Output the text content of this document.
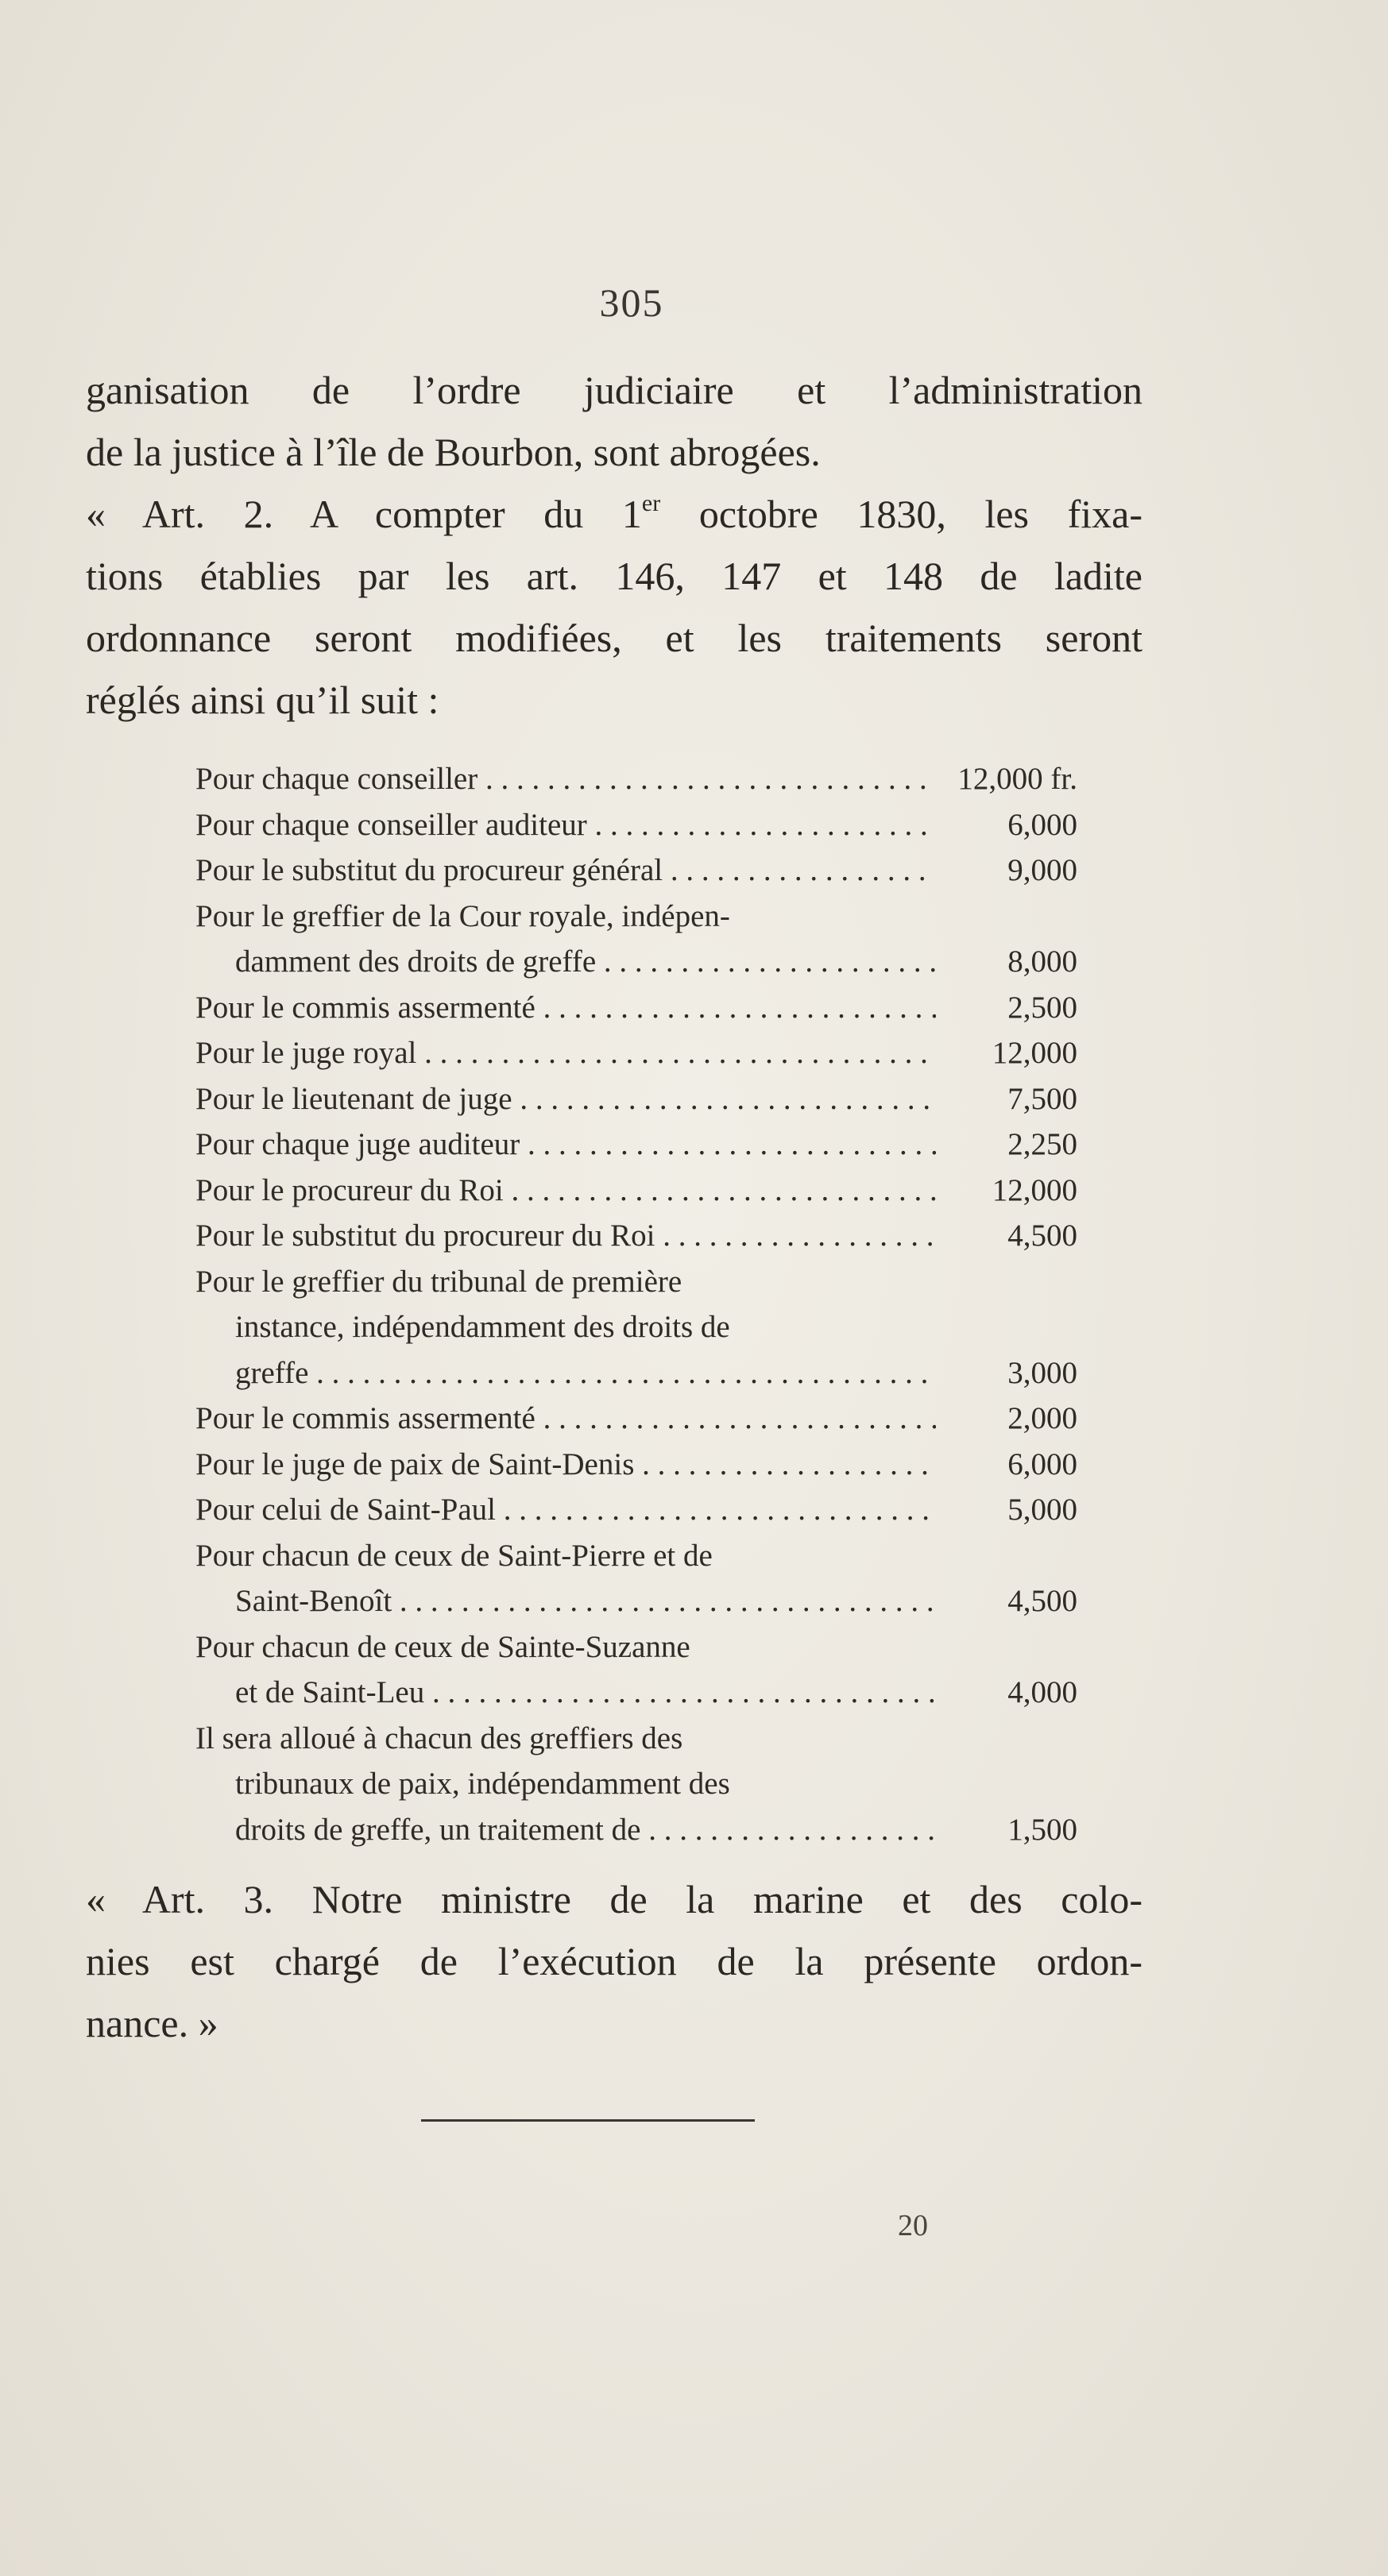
305
ganisation de l’ordre judiciaire et l’administration
de la justice à l’île de Bourbon, sont abrogées.
« Art. 2. A compter du 1er octobre 1830, les fixa-
tions établies par les art. 146, 147 et 148 de ladite
ordonnance seront modifiées, et les traitements seront
réglés ainsi qu’il suit :
Pour chaque conseiller . . .	12,000 fr.
Pour chaque conseiller auditeur . . .	6,000
Pour le substitut du procureur général . . .	9,000
Pour le greffier de la Cour royale, indépen-
damment des droits de greffe . . .	8,000
Pour le commis assermenté . . .	2,500
Pour le juge royal . . .	12,000
Pour le lieutenant de juge . . .	7,500
Pour chaque juge auditeur . . .	2,250
Pour le procureur du Roi . . .	12,000
Pour le substitut du procureur du Roi . . .	4,500
Pour le greffier du tribunal de première
instance, indépendamment des droits de
greffe . . .	3,000
Pour le commis assermenté . . .	2,000
Pour le juge de paix de Saint-Denis . . .	6,000
Pour celui de Saint-Paul . . .	5,000
Pour chacun de ceux de Saint-Pierre et de
Saint-Benoît . . .	4,500
Pour chacun de ceux de Sainte-Suzanne
et de Saint-Leu . . .	4,000
Il sera alloué à chacun des greffiers des
tribunaux de paix, indépendamment des
droits de greffe, un traitement de . . .	1,500
« Art. 3. Notre ministre de la marine et des colo-
nies est chargé de l’exécution de la présente ordon-
nance. »
20
